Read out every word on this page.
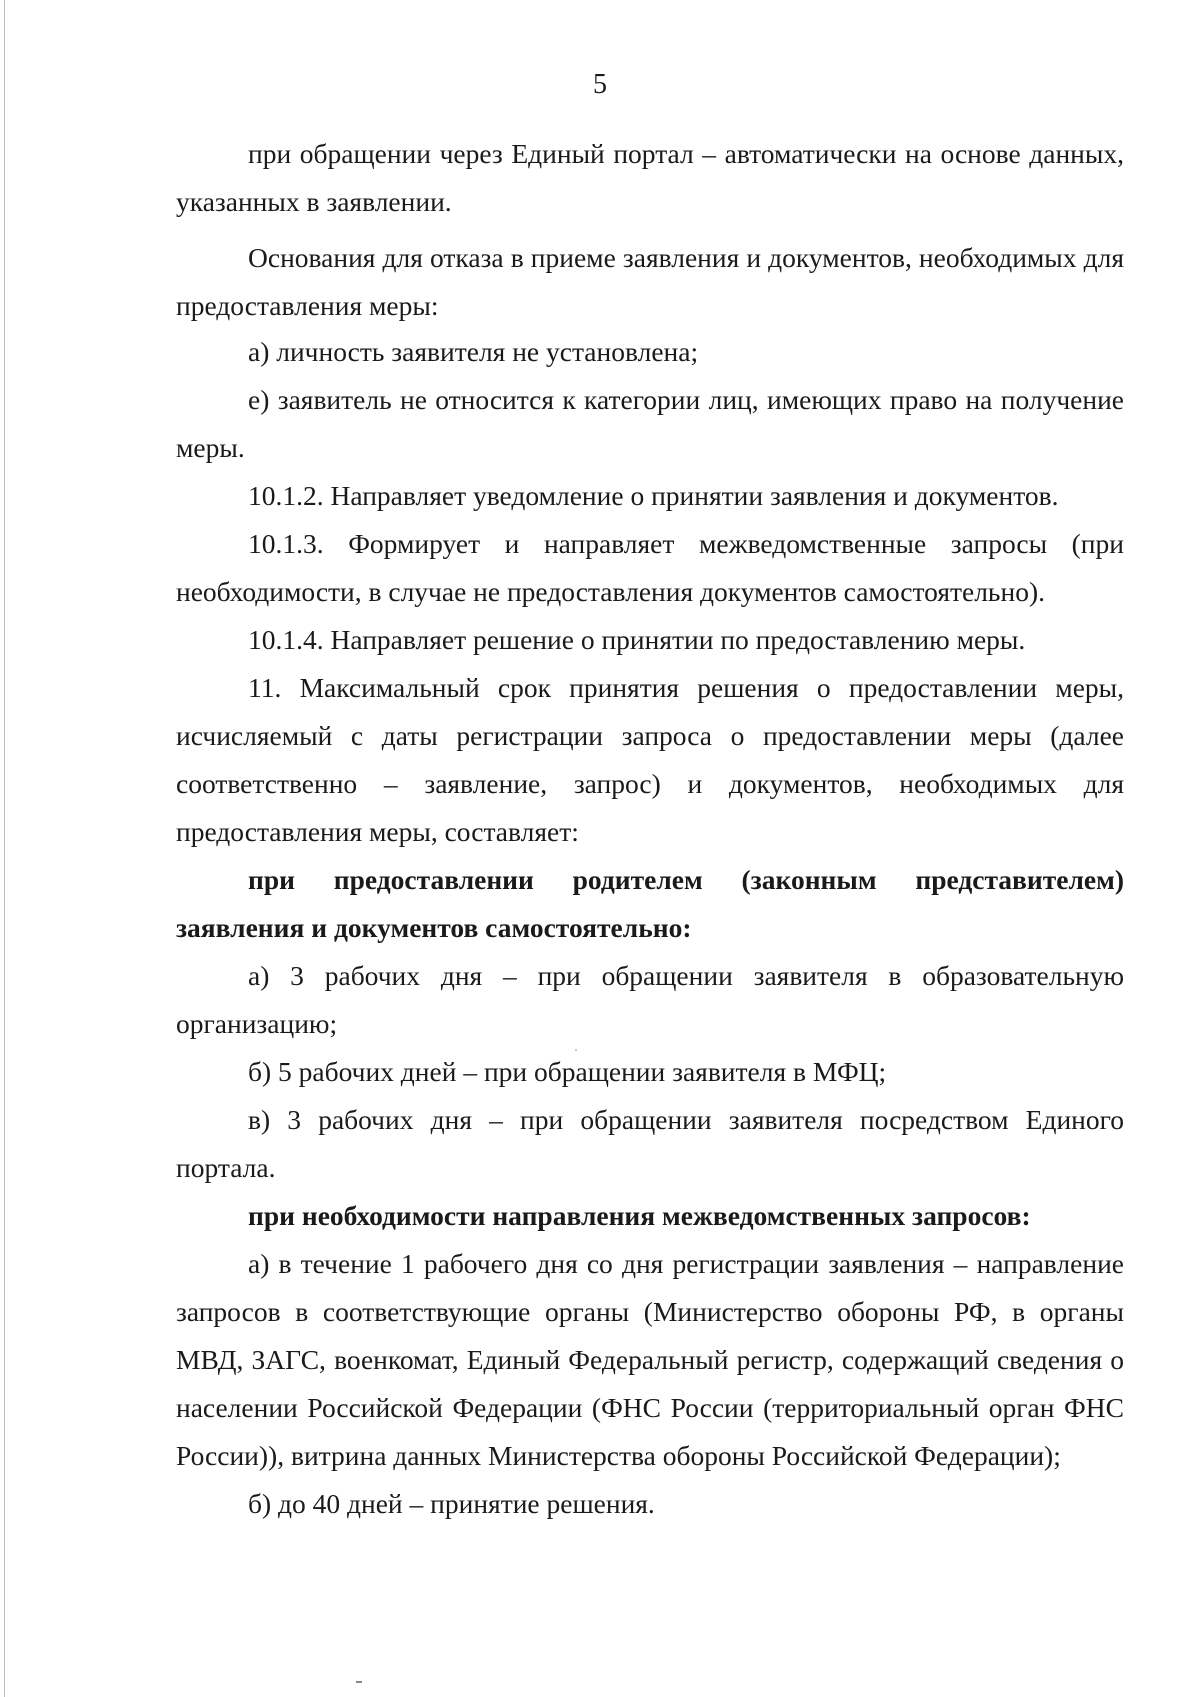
5

при обращении через Единый портал – автоматически на основе данных, указанных в заявлении.

Основания для отказа в приеме заявления и документов, необходимых для предоставления меры:

а) личность заявителя не установлена;

е) заявитель не относится к категории лиц, имеющих право на получение меры.

10.1.2. Направляет уведомление о принятии заявления и документов.

10.1.3. Формирует и направляет межведомственные запросы (при необходимости, в случае не предоставления документов самостоятельно).

10.1.4. Направляет решение о принятии по предоставлению меры.

11. Максимальный срок принятия решения о предоставлении меры, исчисляемый с даты регистрации запроса о предоставлении меры (далее соответственно – заявление, запрос) и документов, необходимых для предоставления меры, составляет:

при предоставлении родителем (законным представителем) заявления и документов самостоятельно:

а) 3 рабочих дня – при обращении заявителя в образовательную организацию;

б) 5 рабочих дней – при обращении заявителя в МФЦ;

в) 3 рабочих дня – при обращении заявителя посредством Единого портала.

при необходимости направления межведомственных запросов:

а) в течение 1 рабочего дня со дня регистрации заявления – направление запросов в соответствующие органы (Министерство обороны РФ, в органы МВД, ЗАГС, военкомат, Единый Федеральный регистр, содержащий сведения о населении Российской Федерации (ФНС России (территориальный орган ФНС России)), витрина данных Министерства обороны Российской Федерации);

б) до 40 дней – принятие решения.
